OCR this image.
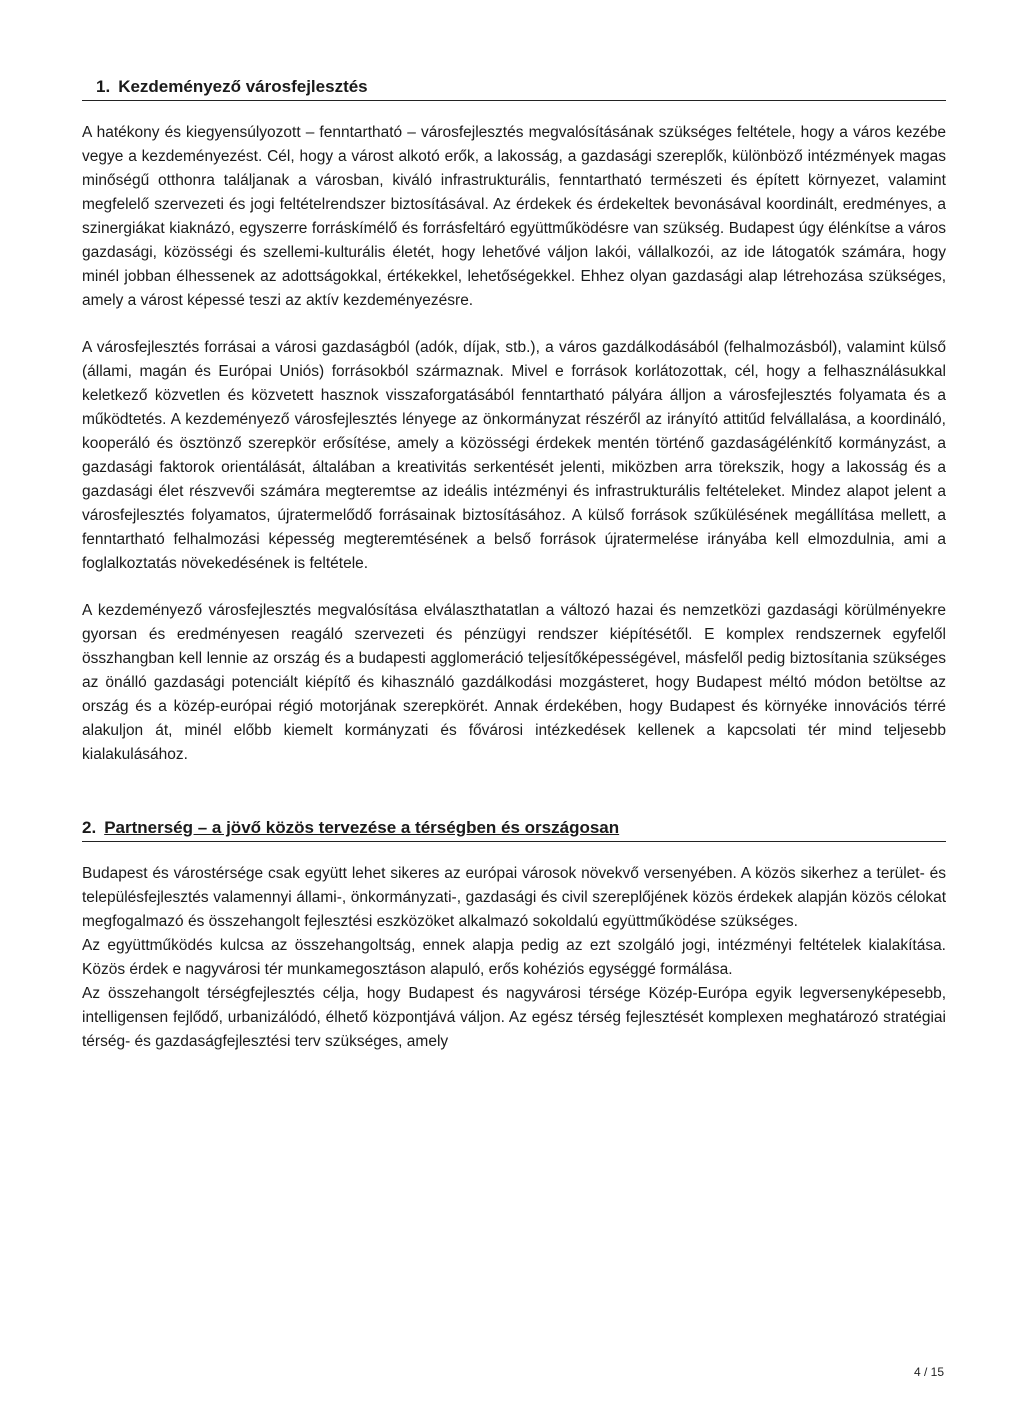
1. Kezdeményező városfejlesztés

A hatékony és kiegyensúlyozott – fenntartható – városfejlesztés megvalósításának szükséges feltétele, hogy a város kezébe vegye a kezdeményezést. Cél, hogy a várost alkotó erők, a lakosság, a gazdasági szereplők, különböző intézmények magas minőségű otthonra találjanak a városban, kiváló infrastrukturális, fenntartható természeti és épített környezet, valamint megfelelő szervezeti és jogi feltételrendszer biztosításával. Az érdekek és érdekeltek bevonásával koordinált, eredményes, a szinergiákat kiaknázó, egyszerre forráskímélő és forrásfeltáró együttműködésre van szükség. Budapest úgy élénkítse a város gazdasági, közösségi és szellemi-kulturális életét, hogy lehetővé váljon lakói, vállalkozói, az ide látogatók számára, hogy minél jobban élhessenek az adottságokkal, értékekkel, lehetőségekkel. Ehhez olyan gazdasági alap létrehozása szükséges, amely a várost képessé teszi az aktív kezdeményezésre.

A városfejlesztés forrásai a városi gazdaságból (adók, díjak, stb.), a város gazdálkodásából (felhalmozásból), valamint külső (állami, magán és Európai Uniós) forrásokból származnak. Mivel e források korlátozottak, cél, hogy a felhasználásukkal keletkező közvetlen és közvetett hasznok visszaforgatásából fenntartható pályára álljon a városfejlesztés folyamata és a működtetés. A kezdeményező városfejlesztés lényege az önkormányzat részéről az irányító attitűd felvállalása, a koordináló, kooperáló és ösztönző szerepkör erősítése, amely a közösségi érdekek mentén történő gazdaságélénkítő kormányzást, a gazdasági faktorok orientálását, általában a kreativitás serkentését jelenti, miközben arra törekszik, hogy a lakosság és a gazdasági élet részvevői számára megteremtse az ideális intézményi és infrastrukturális feltételeket. Mindez alapot jelent a városfejlesztés folyamatos, újratermelődő forrásainak biztosításához. A külső források szűkülésének megállítása mellett, a fenntartható felhalmozási képesség megteremtésének a belső források újratermelése irányába kell elmozdulnia, ami a foglalkoztatás növekedésének is feltétele.

A kezdeményező városfejlesztés megvalósítása elválaszthatatlan a változó hazai és nemzetközi gazdasági körülményekre gyorsan és eredményesen reagáló szervezeti és pénzügyi rendszer kiépítésétől. E komplex rendszernek egyfelől összhangban kell lennie az ország és a budapesti agglomeráció teljesítőképességével, másfelől pedig biztosítania szükséges az önálló gazdasági potenciált kiépítő és kihasználó gazdálkodási mozgásteret, hogy Budapest méltó módon betöltse az ország és a közép-európai régió motorjának szerepkörét. Annak érdekében, hogy Budapest és környéke innovációs térré alakuljon át, minél előbb kiemelt kormányzati és fővárosi intézkedések kellenek a kapcsolati tér mind teljesebb kialakulásához.

2. Partnerség – a jövő közös tervezése a térségben és országosan

Budapest és várostérsége csak együtt lehet sikeres az európai városok növekvő versenyében. A közös sikerhez a terület- és településfejlesztés valamennyi állami-, önkormányzati-, gazdasági és civil szereplőjének közös érdekek alapján közös célokat megfogalmazó és összehangolt fejlesztési eszközöket alkalmazó sokoldalú együttműködése szükséges.

Az együttműködés kulcsa az összehangoltság, ennek alapja pedig az ezt szolgáló jogi, intézményi feltételek kialakítása. Közös érdek e nagyvárosi tér munkamegosztáson alapuló, erős kohéziós egységgé formálása.

Az összehangolt térségfejlesztés célja, hogy Budapest és nagyvárosi térsége Közép-Európa egyik legversenyképesebb, intelligensen fejlődő, urbanizálódó, élhető központjává váljon. Az egész térség fejlesztését komplexen meghatározó stratégiai térség- és gazdaságfejlesztési terv szükséges, amely

4 / 15
